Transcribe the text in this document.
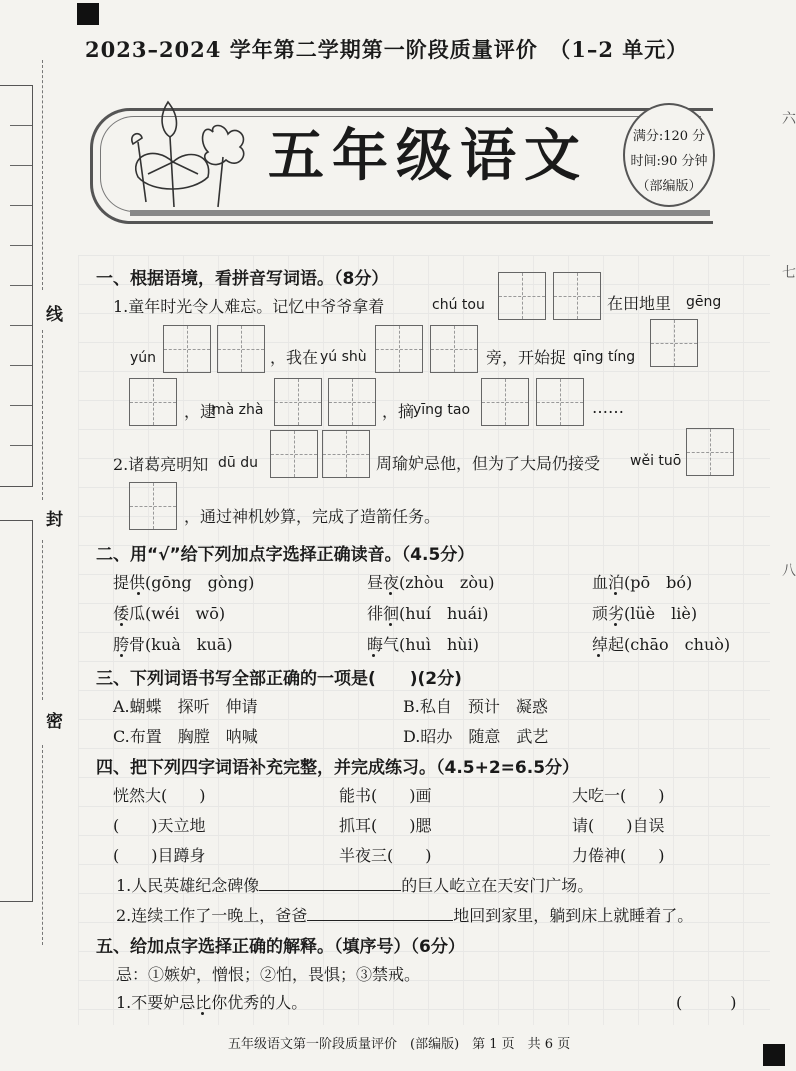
线
封
密
六
七
八
2023–2024 学年第二学期第一阶段质量评价　（1–2 单元）
五年级语文	满分:120 分
时间:90 分钟
（部编版）
一、根据语境，看拼音写词语。（8分）
1.童年时光令人难忘。记忆中爷爷拿着	chú tou	在田地里 gēng
yún	，我在 yú shù	旁，开始捉 qīng tíng
，逮
mà zhà	，摘
yīng tao	……
2.诸葛亮明知 dū du	周瑜妒忌他，但为了大局仍接受 wěi tuō
，通过神机妙算，完成了造箭任务。
二、用“√”给下列加点字选择正确读音。（4.5分）
提供(gōng　gòng)	昼夜(zhòu　zòu)	血泊(pō　bó)
倭瓜(wéi　wō)	徘徊(huí　huái)	顽劣(lüè　liè)
胯骨(kuà　kuā)	晦气(huì　hùi)	绰起(chāo　chuò)
三、下列词语书写全部正确的一项是(　　)(2分)
A.蝴蝶　探听　伸请	B.私自　预计　凝惑
C.布置　胸膛　呐喊	D.昭办　随意　武艺
四、把下列四字词语补充完整，并完成练习。（4.5+2=6.5分）
恍然大(　　)	能书(　　)画	大吃一(　　)
(　　)天立地	抓耳(　　)腮	请(　　)自误
(　　)目蹲身	半夜三(　　)	力倦神(　　)
1.人民英雄纪念碑像	的巨人屹立在天安门广场。
2.连续工作了一晚上，爸爸	地回到家里，躺到床上就睡着了。
五、给加点字选择正确的解释。（填序号）（6分）
忌：①嫉妒，憎恨；②怕，畏惧；③禁戒。
1.不要妒忌比你优秀的人。	(　　　)
五年级语文第一阶段质量评价　(部编版)　第 1 页　共 6 页
